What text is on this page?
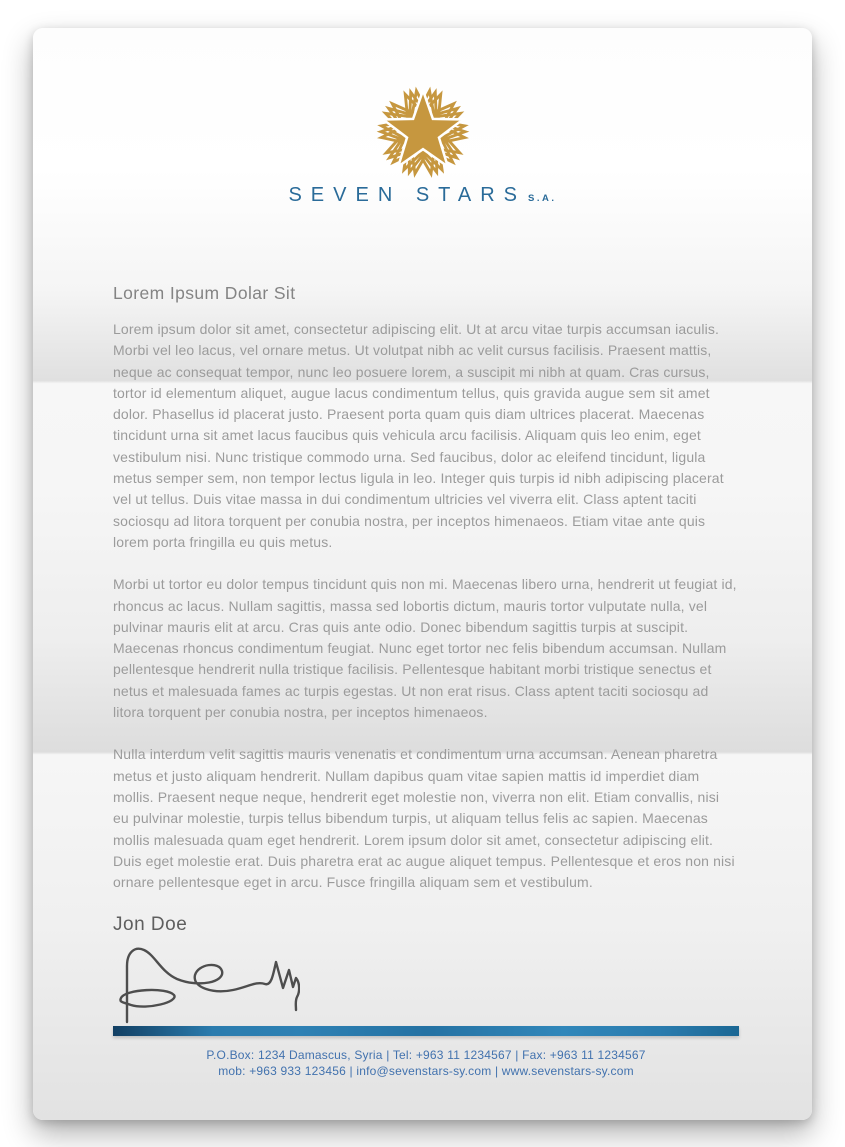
SEVEN STARS S.A.
Lorem Ipsum Dolar Sit

Lorem ipsum dolor sit amet, consectetur adipiscing elit. Ut at arcu vitae turpis accumsan iaculis. Morbi vel leo lacus, vel ornare metus. Ut volutpat nibh ac velit cursus facilisis. Praesent mattis, neque ac consequat tempor, nunc leo posuere lorem, a suscipit mi nibh at quam. Cras cursus, tortor id elementum aliquet, augue lacus condimentum tellus, quis gravida augue sem sit amet dolor. Phasellus id placerat justo. Praesent porta quam quis diam ultrices placerat. Maecenas tincidunt urna sit amet lacus faucibus quis vehicula arcu facilisis. Aliquam quis leo enim, eget vestibulum nisi. Nunc tristique commodo urna. Sed faucibus, dolor ac eleifend tincidunt, ligula metus semper sem, non tempor lectus ligula in leo. Integer quis turpis id nibh adipiscing placerat vel ut tellus. Duis vitae massa in dui condimentum ultricies vel viverra elit. Class aptent taciti sociosqu ad litora torquent per conubia nostra, per inceptos himenaeos. Etiam vitae ante quis lorem porta fringilla eu quis metus.

Morbi ut tortor eu dolor tempus tincidunt quis non mi. Maecenas libero urna, hendrerit ut feugiat id, rhoncus ac lacus. Nullam sagittis, massa sed lobortis dictum, mauris tortor vulputate nulla, vel pulvinar mauris elit at arcu. Cras quis ante odio. Donec bibendum sagittis turpis at suscipit. Maecenas rhoncus condimentum feugiat. Nunc eget tortor nec felis bibendum accumsan. Nullam pellentesque hendrerit nulla tristique facilisis. Pellentesque habitant morbi tristique senectus et netus et malesuada fames ac turpis egestas. Ut non erat risus. Class aptent taciti sociosqu ad litora torquent per conubia nostra, per inceptos himenaeos.

Nulla interdum velit sagittis mauris venenatis et condimentum urna accumsan. Aenean pharetra metus et justo aliquam hendrerit. Nullam dapibus quam vitae sapien mattis id imperdiet diam mollis. Praesent neque neque, hendrerit eget molestie non, viverra non elit. Etiam convallis, nisi eu pulvinar molestie, turpis tellus bibendum turpis, ut aliquam tellus felis ac sapien. Maecenas mollis malesuada quam eget hendrerit. Lorem ipsum dolor sit amet, consectetur adipiscing elit. Duis eget molestie erat. Duis pharetra erat ac augue aliquet tempus. Pellentesque et eros non nisi ornare pellentesque eget in arcu. Fusce fringilla aliquam sem et vestibulum.

Jon Doe
P.O.Box: 1234 Damascus, Syria | Tel: +963 11 1234567 | Fax: +963 11 1234567
mob: +963 933 123456 | info@sevenstars-sy.com | www.sevenstars-sy.com
